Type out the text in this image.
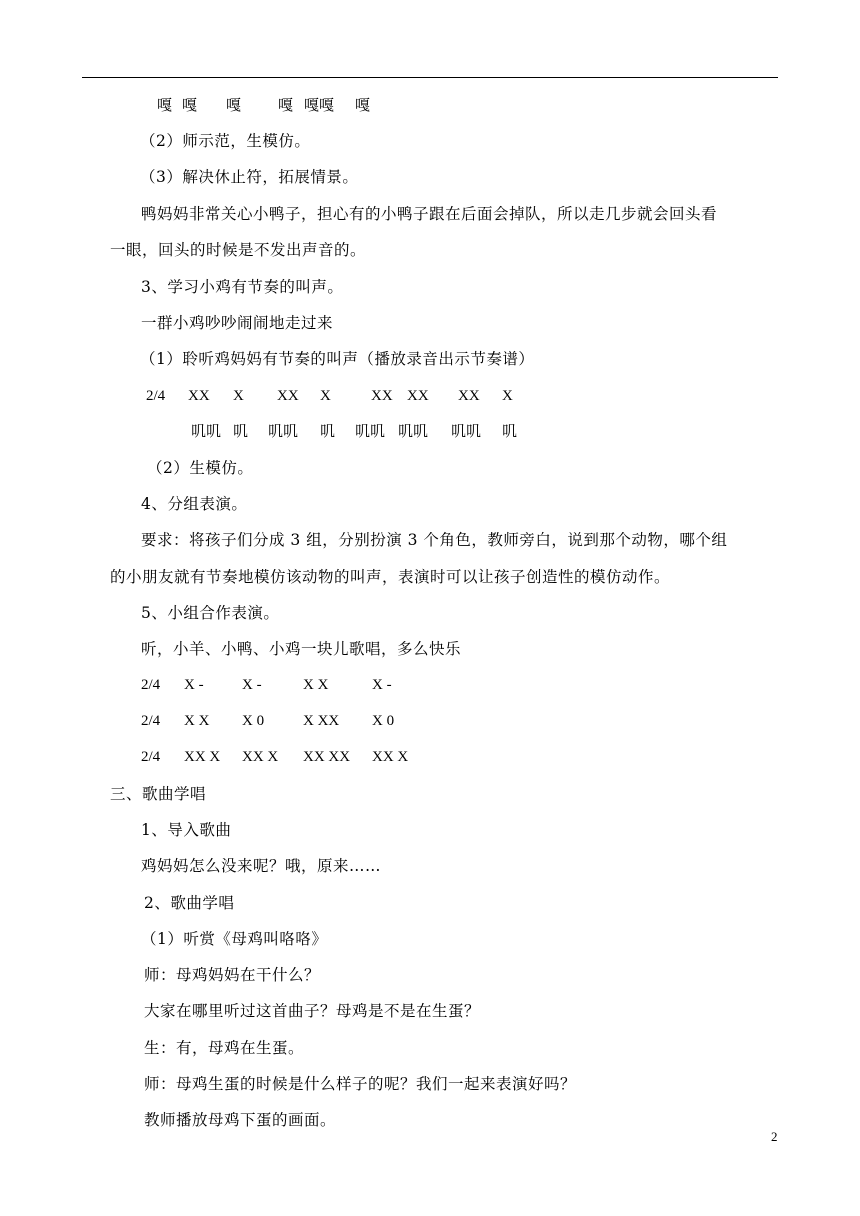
嘎 嘎 嘎 嘎 嘎嘎 嘎
（2）师示范，生模仿。
（3）解决休止符，拓展情景。
鸭妈妈非常关心小鸭子，担心有的小鸭子跟在后面会掉队，所以走几步就会回头看
一眼，回头的时候是不发出声音的。
3、学习小鸡有节奏的叫声。
一群小鸡吵吵闹闹地走过来
（1）聆听鸡妈妈有节奏的叫声（播放录音出示节奏谱）
2/4 XX X XX X	XX XX XX X
叽叽 叽 叽叽 叽 叽叽 叽叽 叽叽 叽
（2）生模仿。
4、分组表演。
要求：将孩子们分成 3 组，分别扮演 3 个角色，教师旁白，说到那个动物，哪个组
的小朋友就有节奏地模仿该动物的叫声，表演时可以让孩子创造性的模仿动作。
5、小组合作表演。
听，小羊、小鸭、小鸡一块儿歌唱，多么快乐
2/4 X -	X -	X X	X -
2/4 X X X 0	X XX X 0
2/4 XX X XX X XX XX XX X
三、歌曲学唱
1、导入歌曲
鸡妈妈怎么没来呢？哦，原来……
2、歌曲学唱
（1）听赏《母鸡叫咯咯》
师：母鸡妈妈在干什么？
大家在哪里听过这首曲子？母鸡是不是在生蛋？
生：有，母鸡在生蛋。
师：母鸡生蛋的时候是什么样子的呢？我们一起来表演好吗？
教师播放母鸡下蛋的画面。
2
